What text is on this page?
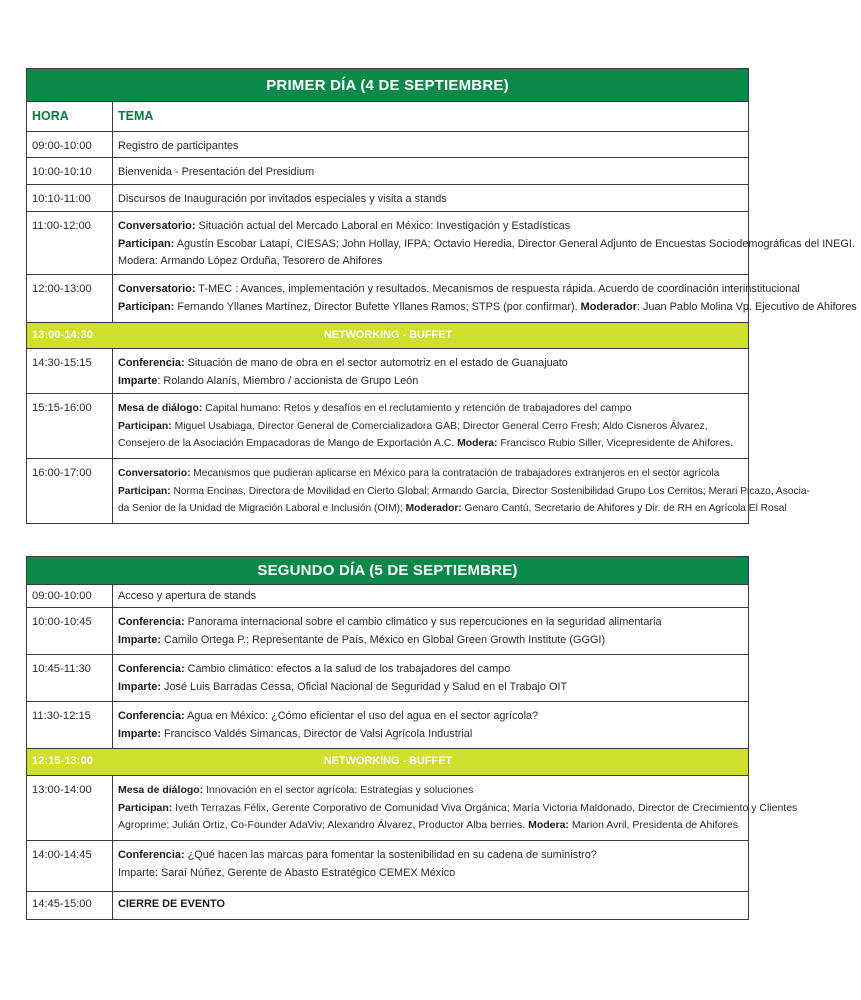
PRIMER DÍA (4 DE SEPTIEMBRE)
HORA	TEMA
09:00-10:00	Registro de participantes
10:00-10:10	Bienvenida - Presentación del Presidium
10:10-11:00	Discursos de Inauguración por invitados especiales y visita a stands
11:00-12:00	Conversatorio: Situación actual del Mercado Laboral en México: Investigación y Estadísticas
Participan: Agustín Escobar Latapí, CIESAS; John Hollay, IFPA; Octavio Heredia, Director General Adjunto de Encuestas Sociodemográficas del INEGI.
Modera: Armando López Orduña, Tesorero de Ahifores
12:00-13:00	Conversatorio: T-MEC : Avances, implementación y resultados. Mecanismos de respuesta rápida. Acuerdo de coordinación interinstitucional
Participan: Fernando Yllanes Martínez, Director Bufette Yllanes Ramos; STPS (por confirmar). Moderador: Juan Pablo Molina Vp. Ejecutivo de Ahifores
13:00-14:30	NETWORKING - BUFFET
14:30-15:15	Conferencia: Situación de mano de obra en el sector automotriz en el estado de Guanajuato
Imparte: Rolando Alanís, Miembro / accionista de Grupo León
15:15-16:00	Mesa de diálogo: Capital humano: Retos y desafíos en el reclutamiento y retención de trabajadores del campo
Participan: Miguel Usabiaga, Director General de Comercializadora GAB; Director General Cerro Fresh; Aldo Cisneros Álvarez,
Consejero de la Asociación Empacadoras de Mango de Exportación A.C. Modera: Francisco Rubio Siller, Vicepresidente de Ahifores.
16:00-17:00	Conversatorio: Mecanismos que pudieran aplicarse en México para la contratación de trabajadores extranjeros en el sector agrícola
Participan: Norma Encinas, Directora de Movilidad en Cierto Global; Armando García, Director Sostenibilidad Grupo Los Cerritos; Merari Picazo, Asocia-
da Senior de la Unidad de Migración Laboral e Inclusión (OIM); Moderador: Genaro Cantú, Secretario de Ahifores y Dir. de RH en Agrícola El Rosal
SEGUNDO DÍA (5 DE SEPTIEMBRE)
09:00-10:00	Acceso y apertura de stands
10:00-10:45	Conferencia: Panorama internacional sobre el cambio climático y sus repercuciones en la seguridad alimentaria
Imparte: Camilo Ortega P.; Representante de País, México en Global Green Growth Institute (GGGI)
10:45-11:30	Conferencia: Cambio climático: efectos a la salud de los trabajadores del campo
Imparte: José Luis Barradas Cessa, Oficial Nacional de Seguridad y Salud en el Trabajo OIT
11:30-12:15	Conferencia: Agua en México: ¿Cómo eficientar el uso del agua en el sector agrícola?
Imparte: Francisco Valdés Simancas, Director de Valsi Agrícola Industrial
12:15-13:00	NETWORKING - BUFFET
13:00-14:00	Mesa de diálogo: Innovación en el sector agrícola: Estrategias y soluciones
Participan: Iveth Terrazas Félix, Gerente Corporativo de Comunidad Viva Orgánica; María Victoria Maldonado, Director de Crecimiento y Clientes
Agroprime; Julián Ortiz, Co-Founder AdaViv; Alexandro Álvarez, Productor Alba berries. Modera: Marion Avril, Presidenta de Ahifores
14:00-14:45	Conferencia: ¿Qué hacen las marcas para fomentar la sostenibilidad en su cadena de suministro?
Imparte: Saraí Núñez, Gerente de Abasto Estratégico CEMEX México
14:45-15:00	CIERRE DE EVENTO
